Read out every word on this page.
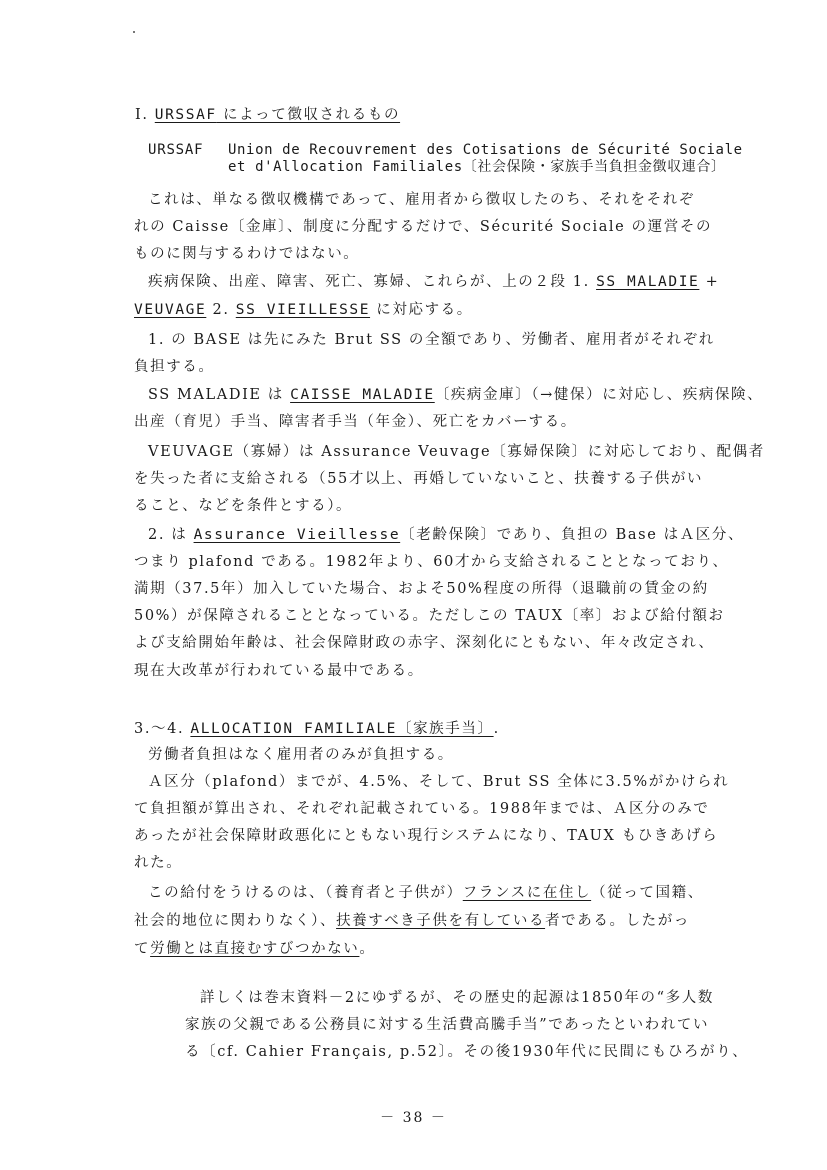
I. URSSAF によって徴収されるもの
URSSAF Union de Recouvrement des Cotisations de Sécurité Sociale
et d'Allocation Familiales〔社会保険・家族手当負担金徴収連合〕
これは、単なる徴収機構であって、雇用者から徴収したのち、それをそれぞ
れの Caisse〔金庫〕、制度に分配するだけで、Sécurité Sociale の運営その
ものに関与するわけではない。
疾病保険、出産、障害、死亡、寡婦、これらが、上の２段 1. SS MALADIE +
VEUVAGE 2. SS VIEILLESSE に対応する。
1. の BASE は先にみた Brut SS の全額であり、労働者、雇用者がそれぞれ
負担する。
SS MALADIE は CAISSE MALADIE〔疾病金庫〕（→健保）に対応し、疾病保険、
出産（育児）手当、障害者手当（年金）、死亡をカバーする。
VEUVAGE（寡婦）は Assurance Veuvage〔寡婦保険〕に対応しており、配偶者
を失った者に支給される（55才以上、再婚していないこと、扶養する子供がい
ること、などを条件とする）。
2. は Assurance Vieillesse〔老齢保険〕であり、負担の Base はＡ区分、
つまり plafond である。1982年より、60才から支給されることとなっており、
満期（37.5年）加入していた場合、およそ50%程度の所得（退職前の賃金の約
50%）が保障されることとなっている。ただしこの TAUX〔率〕および給付額お
よび支給開始年齢は、社会保障財政の赤字、深刻化にともない、年々改定され、
現在大改革が行われている最中である。
3.～4. ALLOCATION FAMILIALE〔家族手当〕.
労働者負担はなく雇用者のみが負担する。
Ａ区分（plafond）までが、4.5%、そして、Brut SS 全体に3.5%がかけられ
て負担額が算出され、それぞれ記載されている。1988年までは、Ａ区分のみで
あったが社会保障財政悪化にともない現行システムになり、TAUX もひきあげら
れた。
この給付をうけるのは、（養育者と子供が）フランスに在住し（従って国籍、
社会的地位に関わりなく）、扶養すべき子供を有している者である。したがっ
て労働とは直接むすびつかない。
詳しくは巻末資料－2にゆずるが、その歴史的起源は1850年の“多人数
家族の父親である公務員に対する生活費高騰手当”であったといわれてい
る〔cf. Cahier Français, p.52〕。その後1930年代に民間にもひろがり、
－ 38 －
